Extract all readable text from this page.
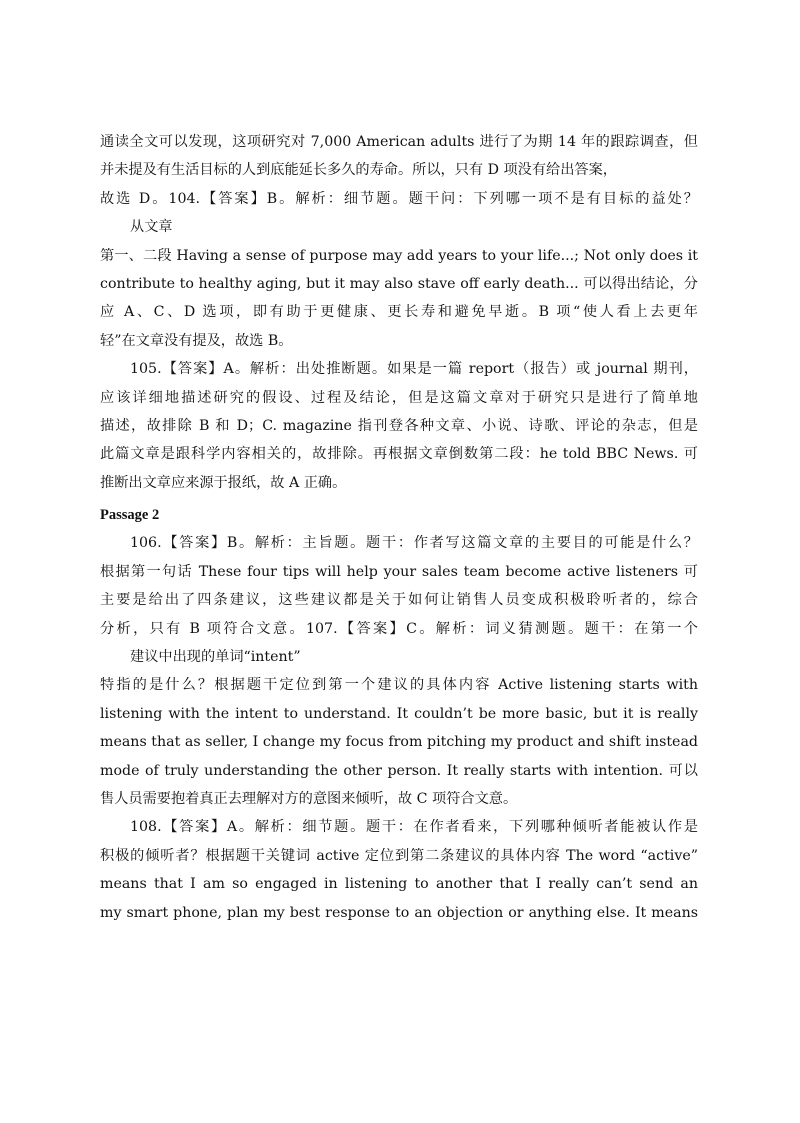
通读全文可以发现，这项研究对 7,000 American adults 进行了为期 14 年的跟踪调查，但
并未提及有生活目标的人到底能延长多久的寿命。所以，只有 D 项没有给出答案，
故选 D。104.【答案】B。解析：细节题。题干问：下列哪一项不是有目标的益处？
从文章
第一、二段 Having a sense of purpose may add years to your life...; Not only does it
contribute to healthy aging, but it may also stave off early death... 可以得出结论，分
应 A、C、D 选项，即有助于更健康、更长寿和避免早逝。B 项“使人看上去更年
轻”在文章没有提及，故选 B。
105.【答案】A。解析：出处推断题。如果是一篇 report（报告）或 journal 期刊，
应该详细地描述研究的假设、过程及结论，但是这篇文章对于研究只是进行了简单地
描述，故排除 B 和 D；C. magazine 指刊登各种文章、小说、诗歌、评论的杂志，但是
此篇文章是跟科学内容相关的，故排除。再根据文章倒数第二段：he told BBC News. 可
推断出文章应来源于报纸，故 A 正确。
Passage 2
106.【答案】B。解析：主旨题。题干：作者写这篇文章的主要目的可能是什么？
根据第一句话 These four tips will help your sales team become active listeners 可
主要是给出了四条建议，这些建议都是关于如何让销售人员变成积极聆听者的，综合
分析，只有 B 项符合文意。107.【答案】C。解析：词义猜测题。题干：在第一个
建议中出现的单词“intent”
特指的是什么？根据题干定位到第一个建议的具体内容 Active listening starts with
listening with the intent to understand. It couldn’t be more basic, but it is really
means that as seller, I change my focus from pitching my product and shift instead
mode of truly understanding the other person. It really starts with intention. 可以
售人员需要抱着真正去理解对方的意图来倾听，故 C 项符合文意。
108.【答案】A。解析：细节题。题干：在作者看来，下列哪种倾听者能被认作是
积极的倾听者？根据题干关键词 active 定位到第二条建议的具体内容 The word “active”
means that I am so engaged in listening to another that I really can’t send an
my smart phone, plan my best response to an objection or anything else. It means
